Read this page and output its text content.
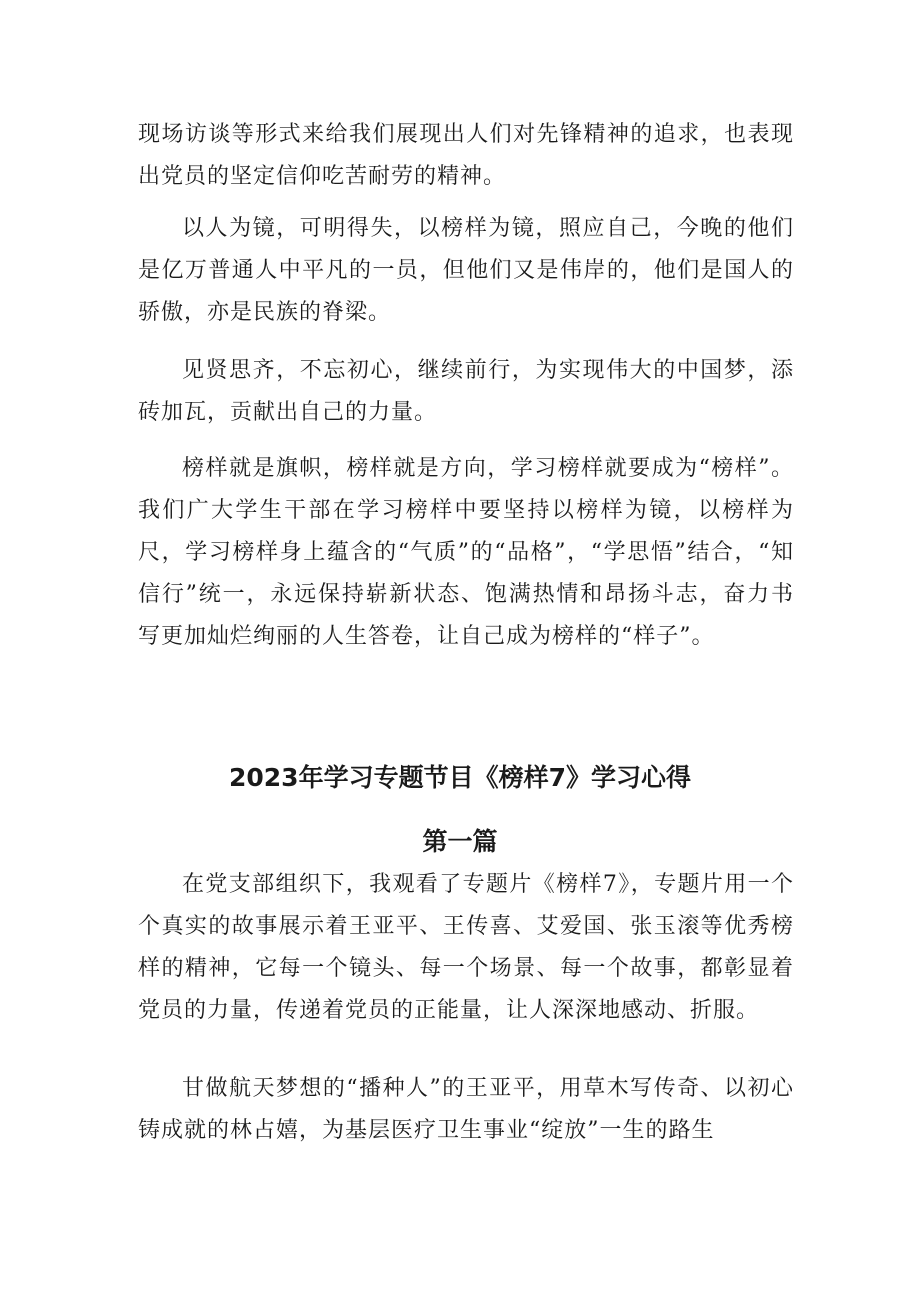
现场访谈等形式来给我们展现出人们对先锋精神的追求，也表现出党员的坚定信仰吃苦耐劳的精神。

以人为镜，可明得失，以榜样为镜，照应自己，今晚的他们是亿万普通人中平凡的一员，但他们又是伟岸的，他们是国人的骄傲，亦是民族的脊梁。

见贤思齐，不忘初心，继续前行，为实现伟大的中国梦，添砖加瓦，贡献出自己的力量。

榜样就是旗帜，榜样就是方向，学习榜样就要成为“榜样”。我们广大学生干部在学习榜样中要坚持以榜样为镜，以榜样为尺，学习榜样身上蕴含的“气质”的“品格”，“学思悟”结合，“知信行”统一，永远保持崭新状态、饱满热情和昂扬斗志，奋力书写更加灿烂绚丽的人生答卷，让自己成为榜样的“样子”。

2023年学习专题节目《榜样7》学习心得
第一篇

在党支部组织下，我观看了专题片《榜样7》，专题片用一个个真实的故事展示着王亚平、王传喜、艾爱国、张玉滚等优秀榜样的精神，它每一个镜头、每一个场景、每一个故事，都彰显着党员的力量，传递着党员的正能量，让人深深地感动、折服。

甘做航天梦想的“播种人”的王亚平，用草木写传奇、以初心铸成就的林占嬉，为基层医疗卫生事业“绽放”一生的路生
